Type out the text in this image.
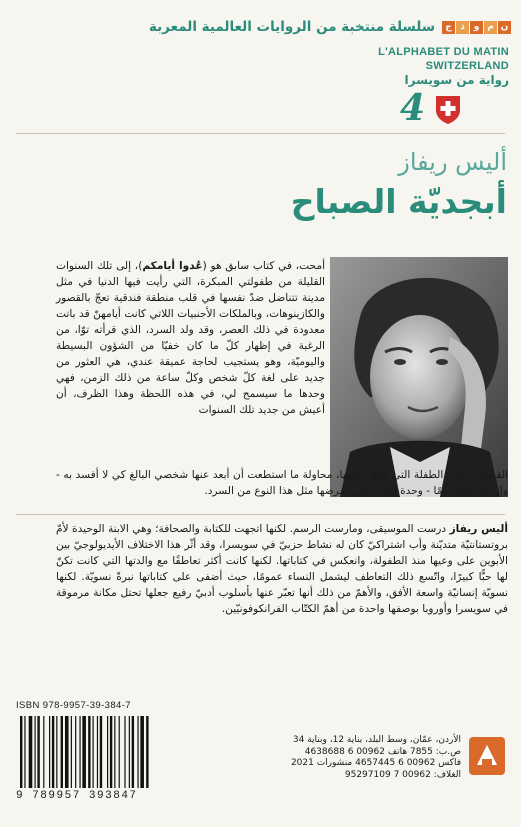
ج ذ و م ن
سلسلة منتخبة من الروايات العالمية المعربة
L'ALPHABET DU MATIN
SWITZERLAND
رواية من سويسرا
4
أليس ريفاز
أبجديّة الصباح
أمحت، في كتاب سابق هو (عُدوا أيامكم)، إلى تلك السنوات القليلة من طفولتي المبكرة، التي رأيت فيها الدنيا في مثل مدينة تتناضل ضدّ نفسها في قلب منطقة فندقية تعجّ بالقصور والكازينوهات، وبالملكات الأجنبيات اللاتي كانت أيامهنّ قد باتت معدودة في ذلك العصر، وقد ولد السرد، الذي قرأته توّا، من الرغبة في إظهار كلّ ما كان خفيّا من الشؤون البسيطة واليوميّة، وهو يستجيب لحاجة عميقة عندي، هي العثور من جديد على لغة كلّ شخص وكلّ ساعة من ذلك الزمن، فهي وحدها ما سيسمح لي، في هذه اللحظة وهذا الظرف، أن أعيش من جديد تلك السنوات
القصيرة بقلب الطفلة التي كنتها وعينها، محاولة ما استطعت أن أبعد عنها شخصي البالغ كي لا أفسد به - وإن لم أنجح دومًا - وحدة النبرة التي يفرضها مثل هذا النوع من السرد.
أليس ريفاز درست الموسيقى، ومارست الرسم. لكنها اتجهت للكتابة والصحافة؛ وهي الابنة الوحيدة لأمّ بروتستانتيّة متديّنة وأب اشتراكيّ كان له نشاط حزبيّ في سويسرا، وقد أثّر هذا الاختلاف الأيديولوجيّ بين الأبوين على وعيها منذ الطفولة، وانعكس في كتاباتها. لكنها كانت أكثر تعاطفًا مع والدتها التي كانت تكنّ لها حبًّا كبيرًا، واتّسع ذلك التعاطف ليشمل النساء عمومًا، حيث أضفى على كتاباتها نبرةً نسويّة. لكنها نسويّة إنسانيّة واسعة الأفق، والأهمّ من ذلك أنها تعبّر عنها بأسلوب أدبيّ رفيع جعلها تحتل مكانة مرموقة في سويسرا وأوروبا بوصفها واحدة من أهمّ الكتّاب الفرانكوفونيّين.
ISBN 978-9957-39-384-7
9 789957 393847
الأردن، عمّان، وسط البلد، بناية 12، وبناية 34
ص.ب: 7855 هاتف 00962 6 4638688
فاكس 00962 6 4657445 منشورات 2021
الغلاف: 00962 7 95297109
